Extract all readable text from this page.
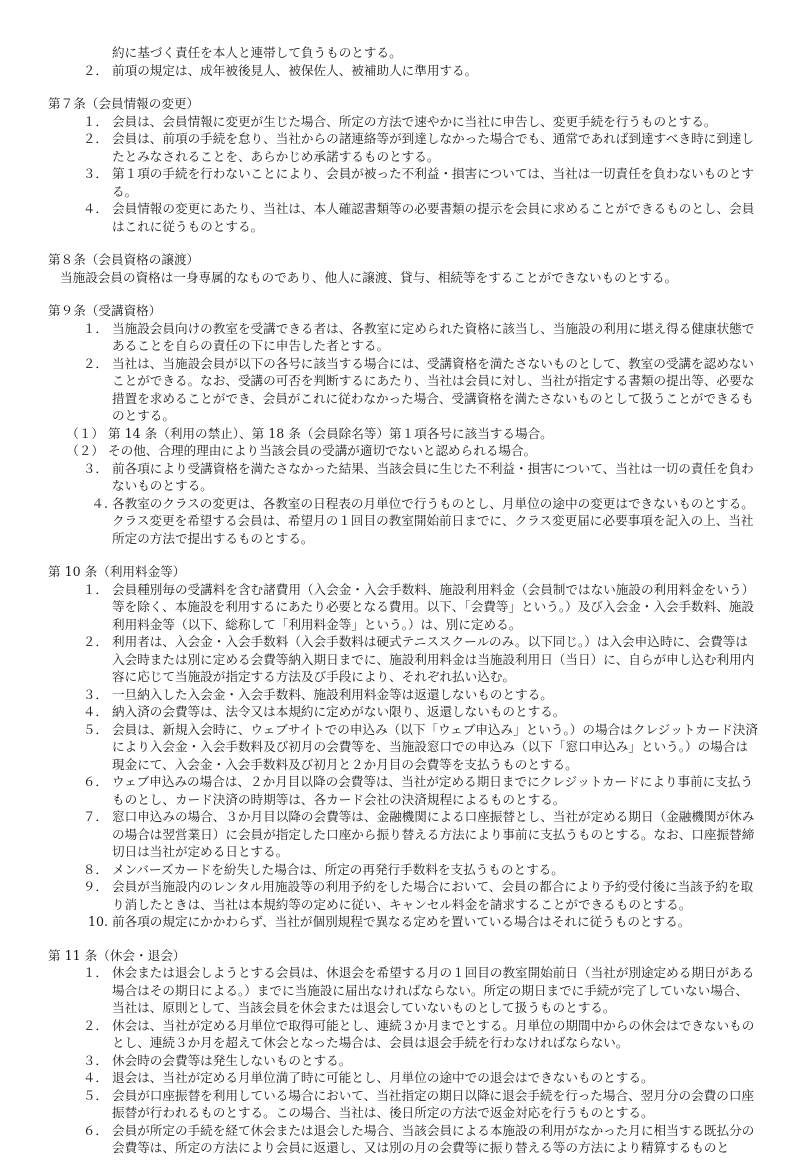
約に基づく責任を本人と連帯して負うものとする。

２． 前項の規定は、成年被後見人、被保佐人、被補助人に準用する。

第７条（会員情報の変更）

１． 会員は、会員情報に変更が生じた場合、所定の方法で速やかに当社に申告し、変更手続を行うものとする。
２． 会員は、前項の手続を怠り、当社からの諸連絡等が到達しなかった場合でも、通常であれば到達すべき時に到達したとみなされることを、あらかじめ承諾するものとする。
３． 第１項の手続を行わないことにより、会員が被った不利益・損害については、当社は一切責任を負わないものとする。
４． 会員情報の変更にあたり、当社は、本人確認書類等の必要書類の提示を会員に求めることができるものとし、会員はこれに従うものとする。

第８条（会員資格の譲渡）

当施設会員の資格は一身専属的なものであり、他人に譲渡、貸与、相続等をすることができないものとする。

第９条（受講資格）

１． 当施設会員向けの教室を受講できる者は、各教室に定められた資格に該当し、当施設の利用に堪え得る健康状態であることを自らの責任の下に申告した者とする。
２． 当社は、当施設会員が以下の各号に該当する場合には、受講資格を満たさないものとして、教室の受講を認めないことができる。なお、受講の可否を判断するにあたり、当社は会員に対し、当社が指定する書類の提出等、必要な措置を求めることができ、会員がこれに従わなかった場合、受講資格を満たさないものとして扱うことができるものとする。
（１） 第 14 条（利用の禁止）、第 18 条（会員除名等）第１項各号に該当する場合。
（２） その他、合理的理由により当該会員の受講が適切でないと認められる場合。
３． 前各項により受講資格を満たさなかった結果、当該会員に生じた不利益・損害について、当社は一切の責任を負わないものとする。
４. 各教室のクラスの変更は、各教室の日程表の月単位で行うものとし、月単位の途中の変更はできないものとする。

クラス変更を希望する会員は、希望月の１回目の教室開始前日までに、クラス変更届に必要事項を記入の上、当社所定の方法で提出するものとする。

第 10 条（利用料金等）

１． 会員種別毎の受講料を含む諸費用（入会金・入会手数料、施設利用料金（会員制ではない施設の利用料金をいう）等を除く、本施設を利用するにあたり必要となる費用。以下、「会費等」という。）及び入会金・入会手数料、施設利用料金等（以下、総称して「利用料金等」という。）は、別に定める。
２． 利用者は、入会金・入会手数料（入会手数料は硬式テニススクールのみ。以下同じ。）は入会申込時に、会費等は入会時または別に定める会費等納入期日までに、施設利用料金は当施設利用日（当日）に、自らが申し込む利用内容に応じて当施設が指定する方法及び手段により、それぞれ払い込む。
３． 一旦納入した入会金・入会手数料、施設利用料金等は返還しないものとする。
４． 納入済の会費等は、法令又は本規約に定めがない限り、返還しないものとする。
５． 会員は、新規入会時に、ウェブサイトでの申込み（以下「ウェブ申込み」という。）の場合はクレジットカード決済により入会金・入会手数料及び初月の会費等を、当施設窓口での申込み（以下「窓口申込み」という。）の場合は現金にて、入会金・入会手数料及び初月と２か月目の会費等を支払うものとする。
６． ウェブ申込みの場合は、２か月目以降の会費等は、当社が定める期日までにクレジットカードにより事前に支払うものとし、カード決済の時期等は、各カード会社の決済規程によるものとする。
７． 窓口申込みの場合、３か月目以降の会費等は、金融機関による口座振替とし、当社が定める期日（金融機関が休みの場合は翌営業日）に会員が指定した口座から振り替える方法により事前に支払うものとする。なお、口座振替締切日は当社が定める日とする。
８． メンバーズカードを紛失した場合は、所定の再発行手数料を支払うものとする。
９． 会員が当施設内のレンタル用施設等の利用予約をした場合において、会員の都合により予約受付後に当該予約を取り消したときは、当社は本規約等の定めに従い、キャンセル料金を請求することができるものとする。
10. 前各項の規定にかかわらず、当社が個別規程で異なる定めを置いている場合はそれに従うものとする。

第 11 条（休会・退会）

１． 休会または退会しようとする会員は、休退会を希望する月の１回目の教室開始前日（当社が別途定める期日がある場合はその期日による。）までに当施設に届出なければならない。所定の期日までに手続が完了していない場合、当社は、原則として、当該会員を休会または退会していないものとして扱うものとする。
２． 休会は、当社が定める月単位で取得可能とし、連続３か月までとする。月単位の期間中からの休会はできないものとし、連続３か月を超えて休会となった場合は、会員は退会手続を行わなければならない。
３． 休会時の会費等は発生しないものとする。
４． 退会は、当社が定める月単位満了時に可能とし、月単位の途中での退会はできないものとする。
５． 会員が口座振替を利用している場合において、当社指定の期日以降に退会手続を行った場合、翌月分の会費の口座振替が行われるものとする。この場合、当社は、後日所定の方法で返金対応を行うものとする。
６． 会員が所定の手続を経て休会または退会した場合、当該会員による本施設の利用がなかった月に相当する既払分の会費等は、所定の方法により会員に返還し、又は別の月の会費等に振り替える等の方法により精算するものと
